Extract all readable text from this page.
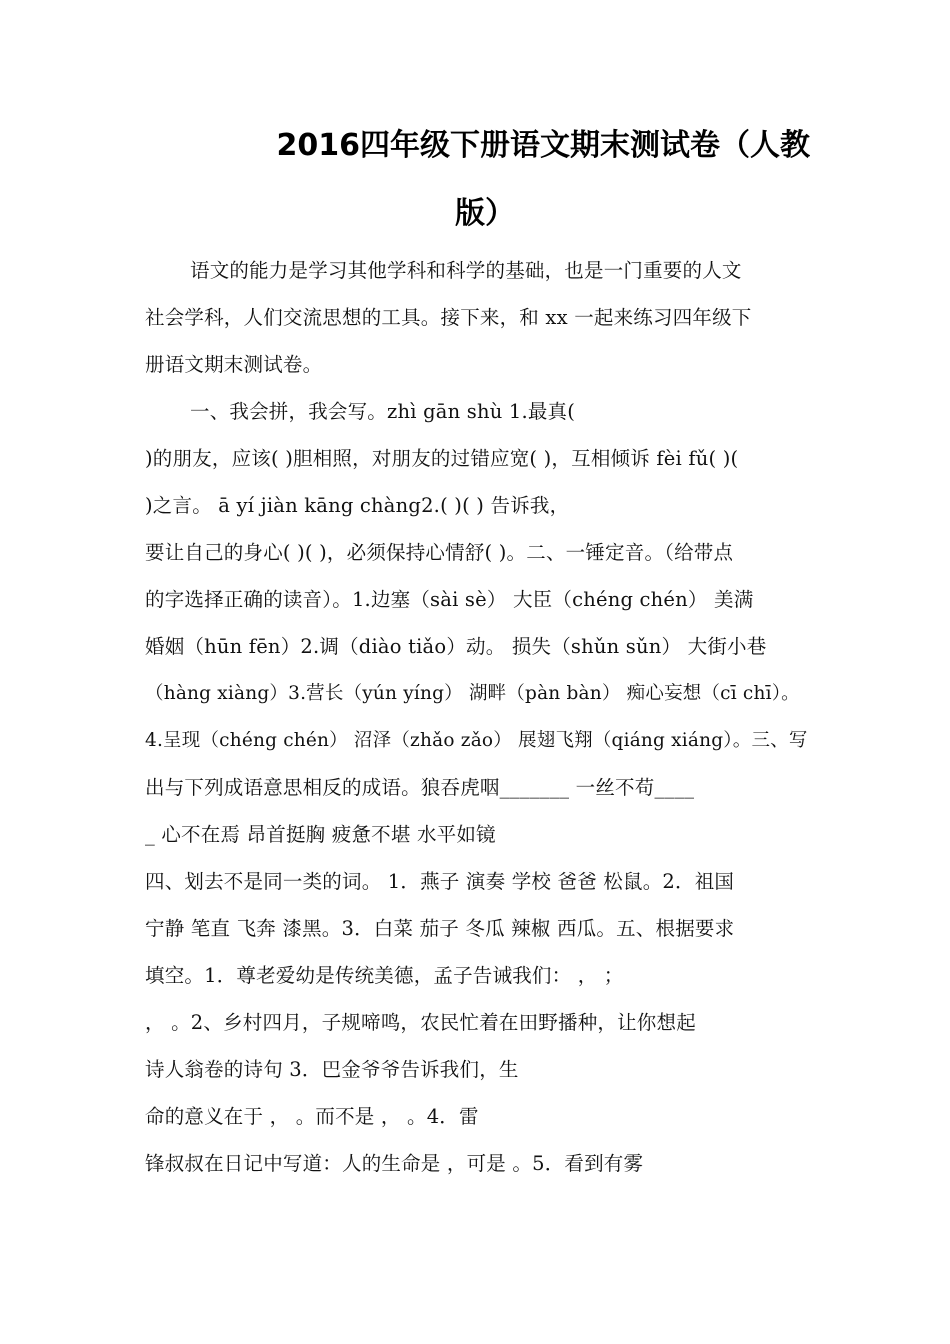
2016四年级下册语文期末测试卷（人教
版）
语文的能力是学习其他学科和科学的基础，也是一门重要的人文
社会学科，人们交流思想的工具。接下来，和 xx 一起来练习四年级下
册语文期末测试卷。
一、我会拼，我会写。zhì gān shù 1.最真(
)的朋友，应该( )胆相照，对朋友的过错应宽( )，互相倾诉 fèi fǔ( )(
)之言。 ā yí jiàn kāng chàng2.( )( ) 告诉我，
要让自己的身心( )( )，必须保持心情舒( )。二、一锤定音。（给带点
的字选择正确的读音）。1.边塞（sài sè） 大臣（chéng chén） 美满
婚姻（hūn fēn）2.调（diào tiǎo）动。 损失（shǔn sǔn） 大街小巷
（hàng xiàng）3.营长（yún yíng） 湖畔（pàn bàn） 痴心妄想（cī chī）。
4.呈现（chéng chén） 沼泽（zhǎo zǎo） 展翅飞翔（qiáng xiáng）。三、写
出与下列成语意思相反的成语。狼吞虎咽_______ 一丝不苟____
_ 心不在焉 昂首挺胸 疲惫不堪 水平如镜
四、划去不是同一类的词。 1．燕子 演奏 学校 爸爸 松鼠。2．祖国
宁静 笔直 飞奔 漆黑。3．白菜 茄子 冬瓜 辣椒 西瓜。五、根据要求
填空。1．尊老爱幼是传统美德，孟子告诫我们： ， ；
， 。2、乡村四月，子规啼鸣，农民忙着在田野播种，让你想起
诗人翁卷的诗句 3．巴金爷爷告诉我们，生
命的意义在于 ， 。而不是 ， 。4．雷
锋叔叔在日记中写道：人的生命是 ，可是 。5．看到有雾
